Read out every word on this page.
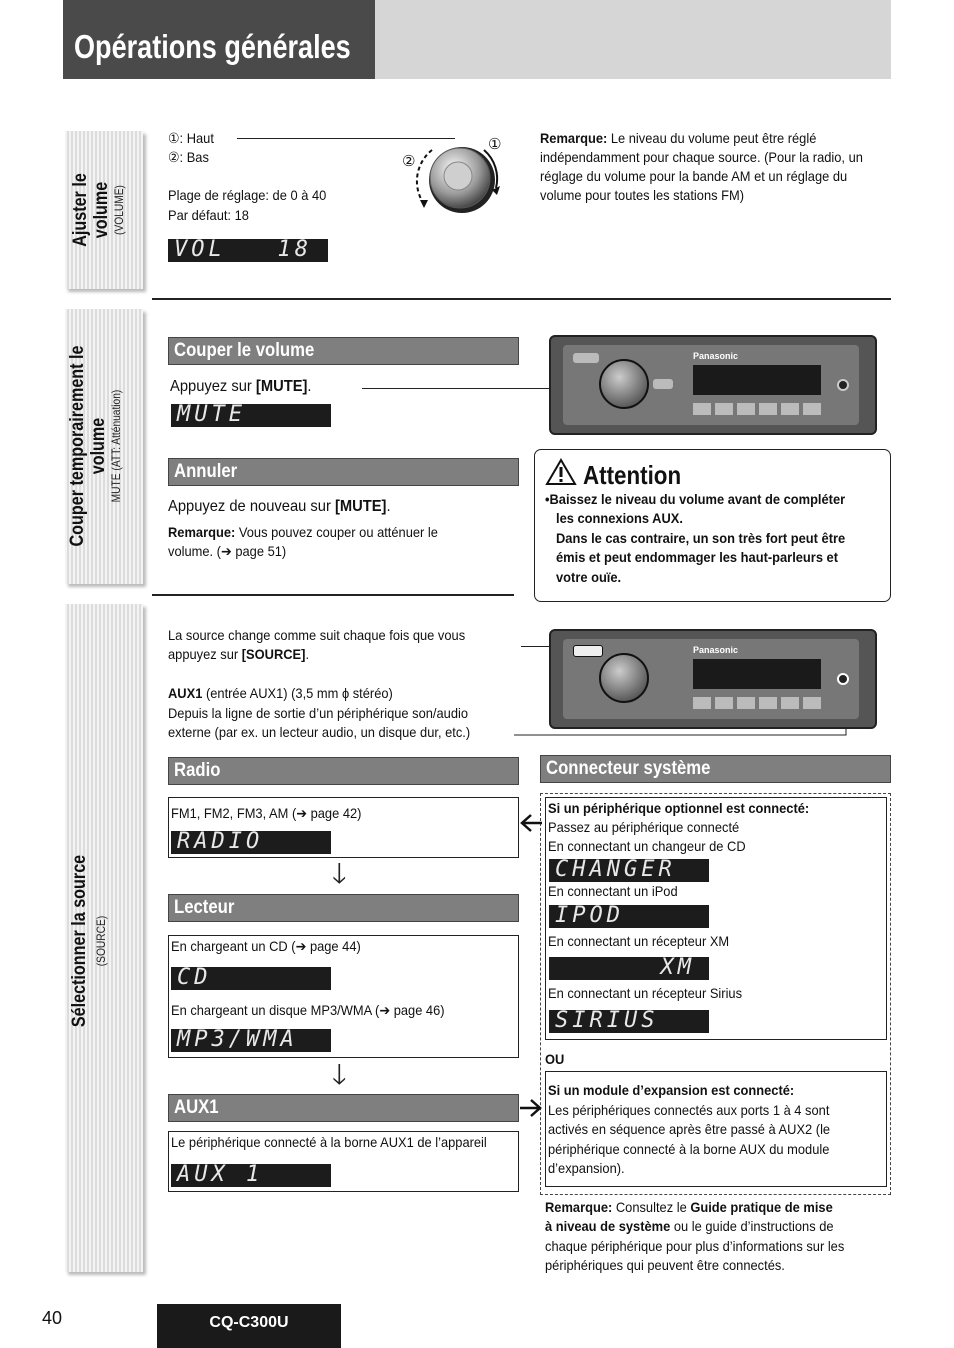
Opérations générales
Ajuster le volume (VOLUME)
①: Haut
②: Bas
Plage de réglage: de 0 à 40
Par défaut: 18
VOL   18
①
②
Remarque: Le niveau du volume peut être réglé
indépendamment pour chaque source. (Pour la radio, un
réglage du volume pour la bande AM et un réglage du
volume pour toutes les stations FM)
Couper temporairement le volume MUTE (ATT: Atténuation)
Couper le volume
Appuyez sur [MUTE].
MUTE
Annuler
Appuyez de nouveau sur [MUTE].
Remarque: Vous pouvez couper ou atténuer le
volume. (➔ page 51)
Panasonic
Attention
•Baissez le niveau du volume avant de compléter
les connexions AUX.
Dans le cas contraire, un son très fort peut être
émis et peut endommager les haut-parleurs et
votre ouïe.
Sélectionner la source (SOURCE)
La source change comme suit chaque fois que vous
appuyez sur [SOURCE].
AUX1 (entrée AUX1) (3,5 mm ϕ stéréo)
Depuis la ligne de sortie d’un périphérique son/audio
externe (par ex. un lecteur audio, un disque dur, etc.)
Panasonic
Radio
FM1, FM2, FM3, AM (➔ page 42)
RADIO
🡓
Lecteur
En chargeant un CD (➔ page 44)
CD
En chargeant un disque MP3/WMA (➔ page 46)
MP3/WMA
🡓
AUX1
Le périphérique connecté à la borne AUX1 de l’appareil
AUX 1
Connecteur système
Si un périphérique optionnel est connecté:
Passez au périphérique connecté
En connectant un changeur de CD
CHANGER
En connectant un iPod
IPOD
En connectant un récepteur XM
XM
En connectant un récepteur Sirius
SIRIUS
OU
Si un module d’expansion est connecté:
Les périphériques connectés aux ports 1 à 4 sont
activés en séquence après être passé à AUX2 (le
périphérique connecté à la borne AUX du module
d’expansion).
Remarque: Consultez le Guide pratique de mise
à niveau de système ou le guide d’instructions de
chaque périphérique pour plus d’informations sur les
périphériques qui peuvent être connectés.
40	CQ-C300U
